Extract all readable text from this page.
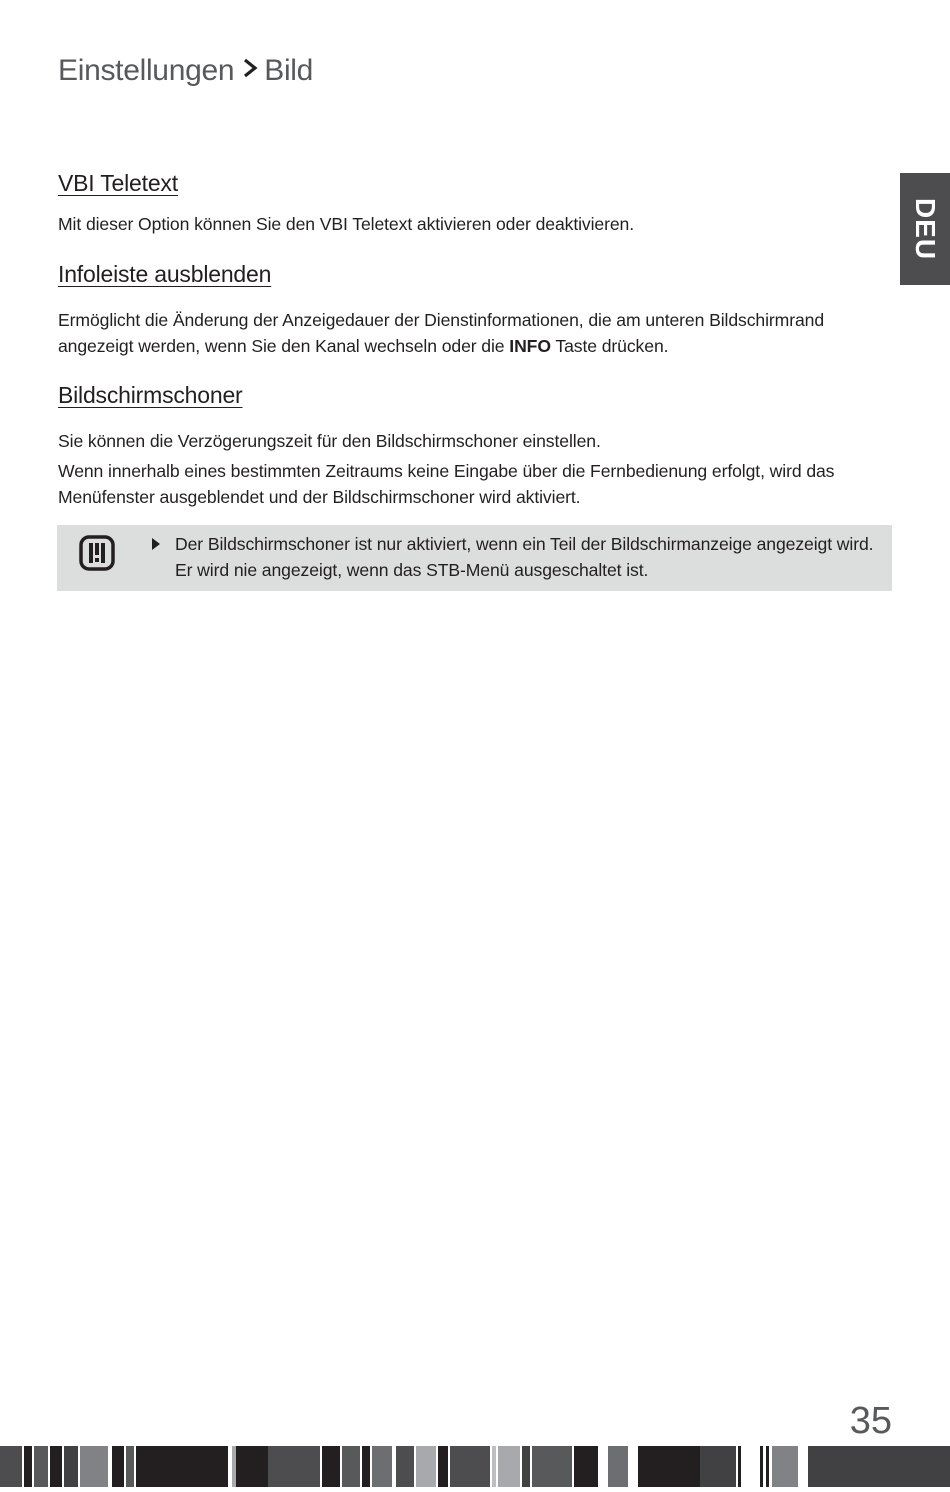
Einstellungen Bild
DEU
VBI Teletext

Mit dieser Option können Sie den VBI Teletext aktivieren oder deaktivieren.

Infoleiste ausblenden

Ermöglicht die Änderung der Anzeigedauer der Dienstinformationen, die am unteren Bildschirmrand angezeigt werden, wenn Sie den Kanal wechseln oder die INFO Taste drücken.

Bildschirmschoner

Sie können die Verzögerungszeit für den Bildschirmschoner einstellen.

Wenn innerhalb eines bestimmten Zeitraums keine Eingabe über die Fernbedienung erfolgt, wird das Menüfenster ausgeblendet und der Bildschirmschoner wird aktiviert.

Der Bildschirmschoner ist nur aktiviert, wenn ein Teil der Bildschirmanzeige angezeigt wird. Er wird nie angezeigt, wenn das STB-Menü ausgeschaltet ist.
35
